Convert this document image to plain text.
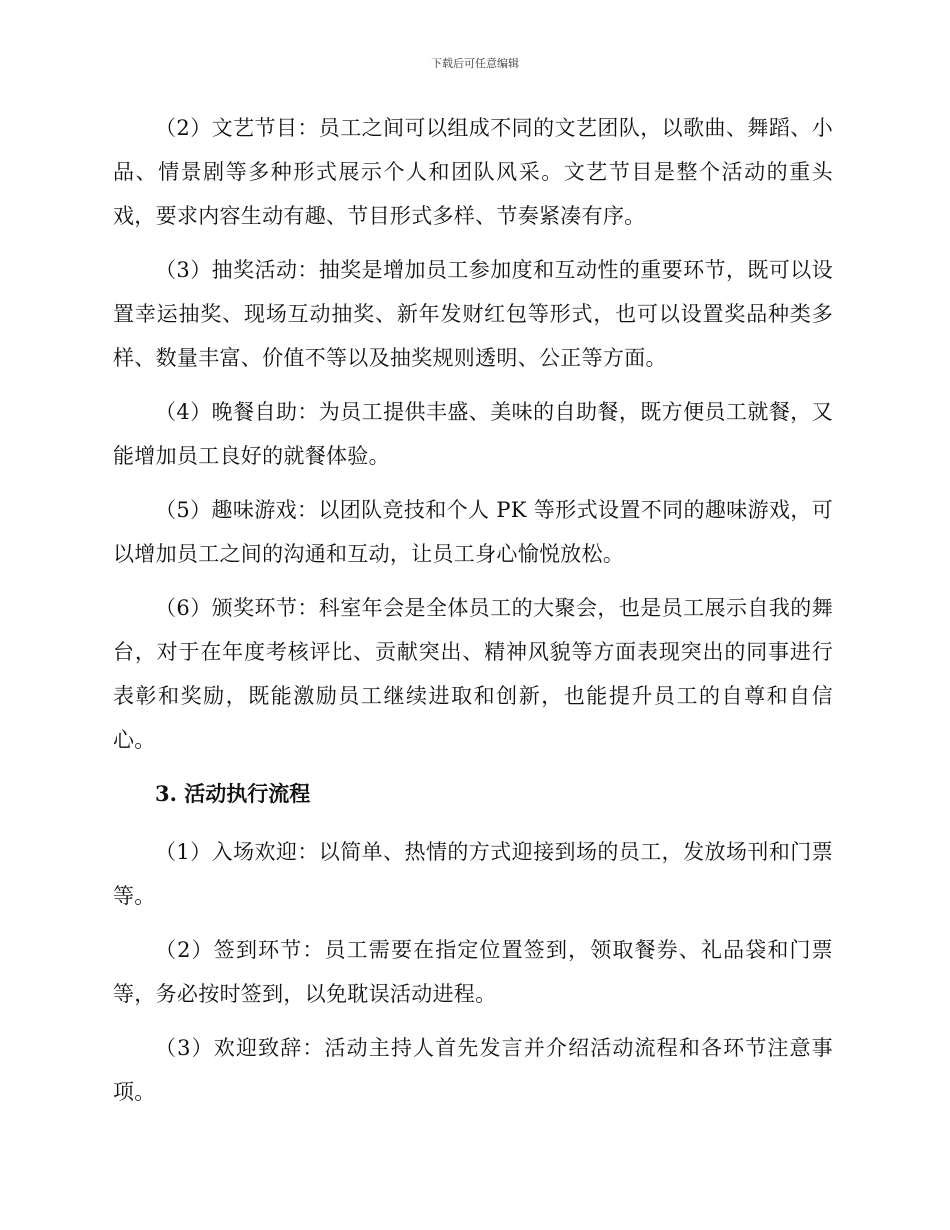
下载后可任意编辑

（2）文艺节目：员工之间可以组成不同的文艺团队，以歌曲、舞蹈、小品、情景剧等多种形式展示个人和团队风采。文艺节目是整个活动的重头戏，要求内容生动有趣、节目形式多样、节奏紧凑有序。

（3）抽奖活动：抽奖是增加员工参加度和互动性的重要环节，既可以设置幸运抽奖、现场互动抽奖、新年发财红包等形式，也可以设置奖品种类多样、数量丰富、价值不等以及抽奖规则透明、公正等方面。

（4）晚餐自助：为员工提供丰盛、美味的自助餐，既方便员工就餐，又能增加员工良好的就餐体验。

（5）趣味游戏：以团队竞技和个人 PK 等形式设置不同的趣味游戏，可以增加员工之间的沟通和互动，让员工身心愉悦放松。

（6）颁奖环节：科室年会是全体员工的大聚会，也是员工展示自我的舞台，对于在年度考核评比、贡献突出、精神风貌等方面表现突出的同事进行表彰和奖励，既能激励员工继续进取和创新，也能提升员工的自尊和自信心。

3. 活动执行流程

（1）入场欢迎：以简单、热情的方式迎接到场的员工，发放场刊和门票等。

（2）签到环节：员工需要在指定位置签到，领取餐券、礼品袋和门票等，务必按时签到，以免耽误活动进程。

（3）欢迎致辞：活动主持人首先发言并介绍活动流程和各环节注意事项。
